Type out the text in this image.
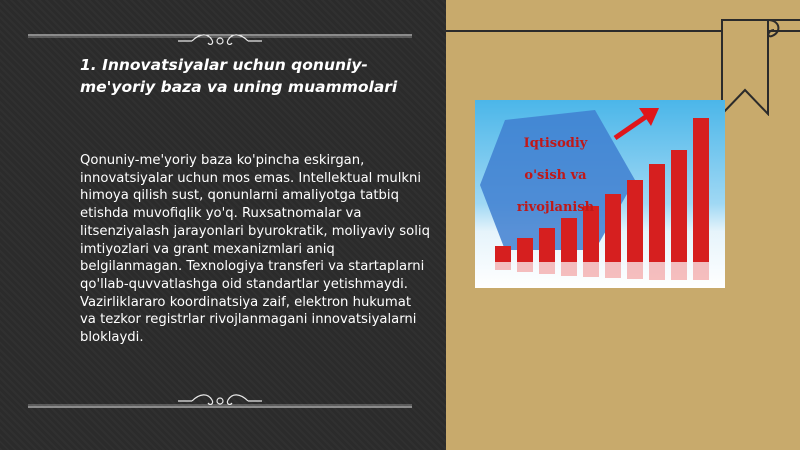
1. Innovatsiyalar uchun qonuniy-me'yoriy baza va uning muammolari
Qonuniy-me'yoriy baza ko'pincha eskirgan, innovatsiyalar uchun mos emas. Intellektual mulkni himoya qilish sust, qonunlarni amaliyotga tatbiq etishda muvofiqlik yo'q. Ruxsatnomalar va litsenziyalash jarayonlari byurokratik, moliyaviy soliq imtiyozlari va grant mexanizmlari aniq belgilanmagan. Texnologiya transferi va startaplarni qo'llab-quvvatlashga oid standartlar yetishmaydi. Vazirliklararo koordinatsiya zaif, elektron hukumat va tezkor registrlar rivojlanmagani innovatsiyalarni bloklaydi.
Iqtisodiy
o'sish va
rivojlanish
